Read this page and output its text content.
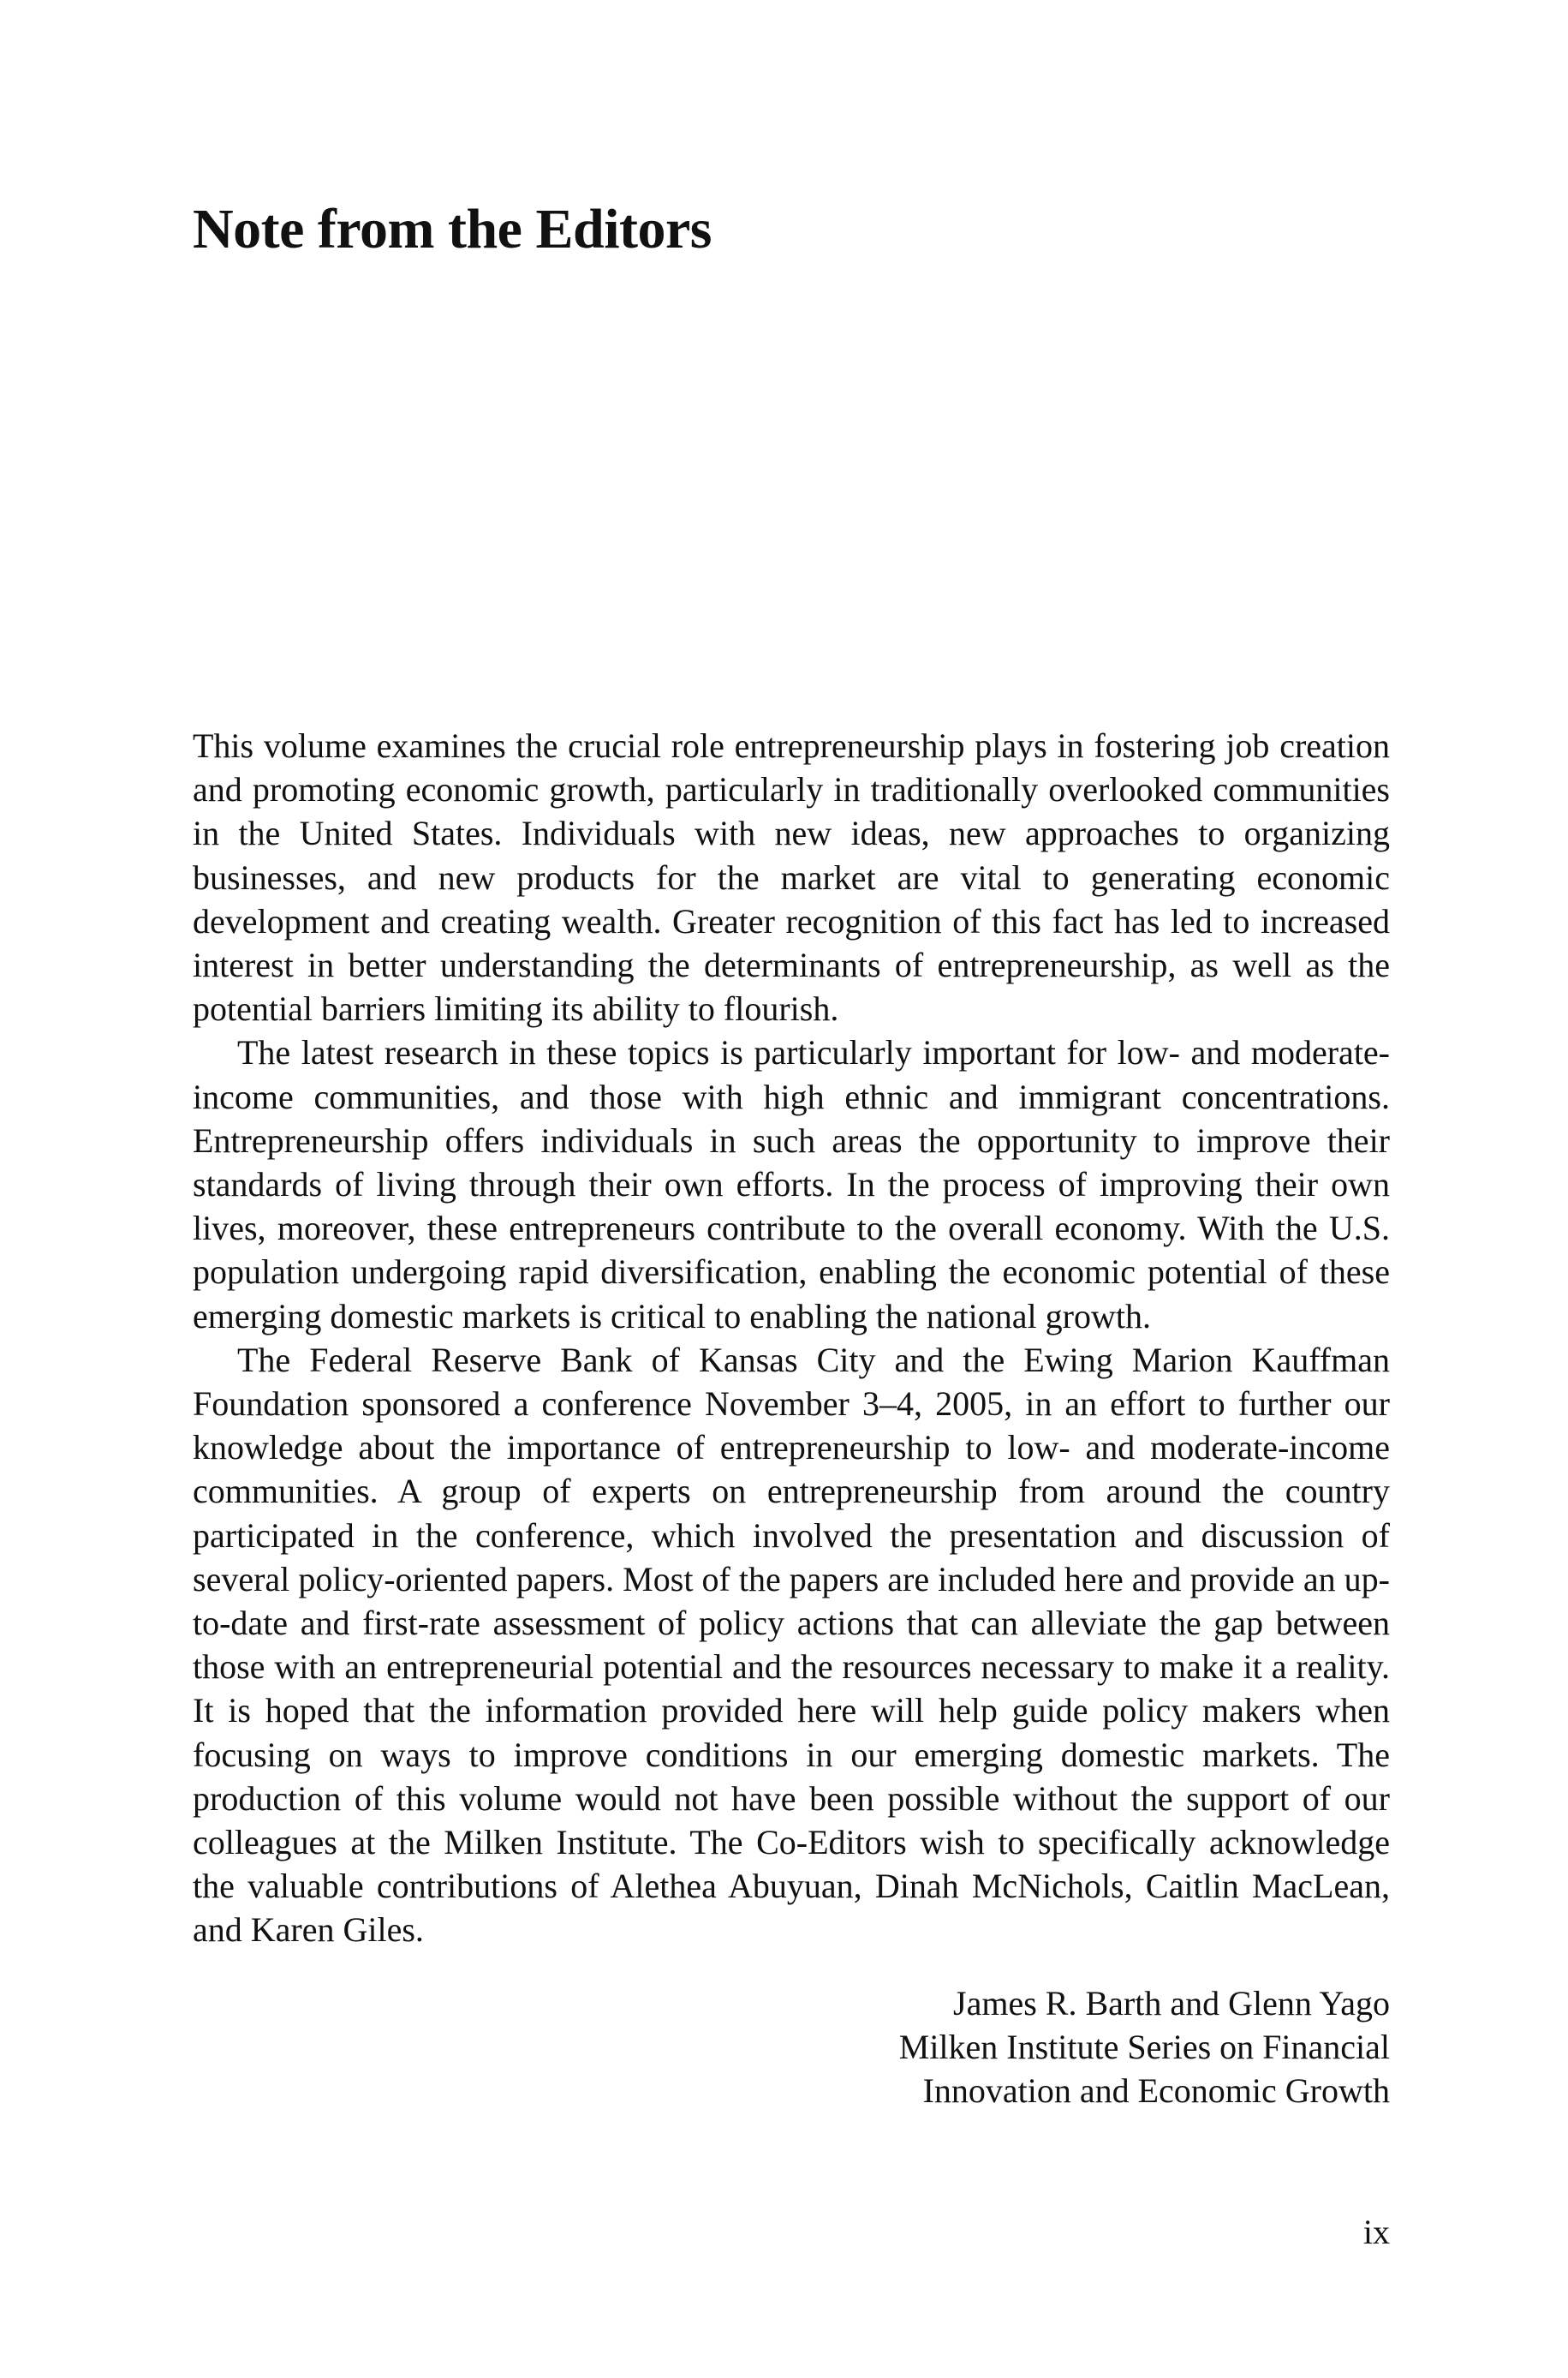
Note from the Editors

This volume examines the crucial role entrepreneurship plays in fostering job creation and promoting economic growth, particularly in traditionally overlooked communities in the United States. Individuals with new ideas, new approaches to organizing businesses, and new products for the market are vital to generating economic development and creating wealth. Greater recognition of this fact has led to increased interest in better understanding the determinants of entrepreneurship, as well as the potential barriers limiting its ability to flourish.

The latest research in these topics is particularly important for low- and moderate-income communities, and those with high ethnic and immigrant concentrations. Entrepreneurship offers individuals in such areas the opportunity to improve their standards of living through their own efforts. In the process of improving their own lives, moreover, these entrepreneurs contribute to the overall economy. With the U.S. population undergoing rapid diversification, enabling the economic potential of these emerging domestic markets is critical to enabling the national growth.

The Federal Reserve Bank of Kansas City and the Ewing Marion Kauffman Foundation sponsored a conference November 3–4, 2005, in an effort to further our knowledge about the importance of entrepreneurship to low- and moderate-income communities. A group of experts on entrepreneurship from around the country participated in the conference, which involved the presentation and discussion of several policy-oriented papers. Most of the papers are included here and provide an up-to-date and first-rate assessment of policy actions that can alleviate the gap between those with an entrepreneurial potential and the resources necessary to make it a reality. It is hoped that the information provided here will help guide policy makers when focusing on ways to improve conditions in our emerging domestic markets. The production of this volume would not have been possible without the support of our colleagues at the Milken Institute. The Co-Editors wish to specifically acknowledge the valuable contributions of Alethea Abuyuan, Dinah McNichols, Caitlin MacLean, and Karen Giles.

James R. Barth and Glenn Yago
Milken Institute Series on Financial
Innovation and Economic Growth
ix
